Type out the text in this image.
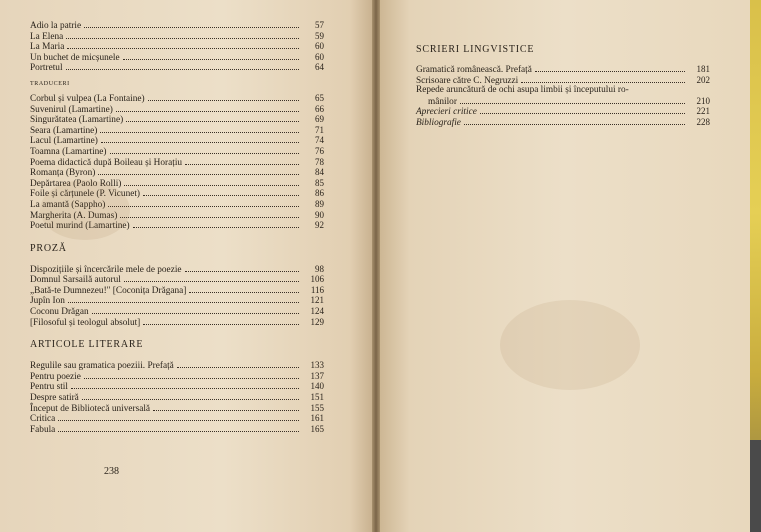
Adio la patrie	57
La Elena	59
La Maria	60
Un buchet de micșunele	60
Portretul	64
TRADUCERI
Corbul și vulpea (La Fontaine)	65
Suvenirul (Lamartine)	66
Singurătatea (Lamartine)	69
Seara (Lamartine)	71
Lacul (Lamartine)	74
Toamna (Lamartine)	76
Poema didactică după Boileau și Horațiu	78
Romanța (Byron)	84
Depărtarea (Paolo Rolli)	85
Foile și cărțunele (P. Vicunet)	86
La amantă (Sappho)	89
Margherita (A. Dumas)	90
Poetul murind (Lamartine)	92
PROZĂ
Dispozițiile și încercările mele de poezie	98
Domnul Sarsailă autorul	106
„Bată-te Dumnezeu!" [Coconița Drăgana]	116
Jupîn Ion	121
Coconu Drăgan	124
[Filosoful și teologul absolut]	129
ARTICOLE LITERARE
Regulile sau gramatica poeziii. Prefață	133
Pentru poezie	137
Pentru stil	140
Despre satiră	151
Început de Bibliotecă universală	155
Critica	161
Fabula	165
238
SCRIERI LINGVISTICE
Gramatică românească. Prefață	181
Scrisoare către C. Negruzzi	202
Repede aruncătură de ochi asupa limbii și începutului ro-
mânilor	210
Aprecieri critice	221
Bibliografie	228
